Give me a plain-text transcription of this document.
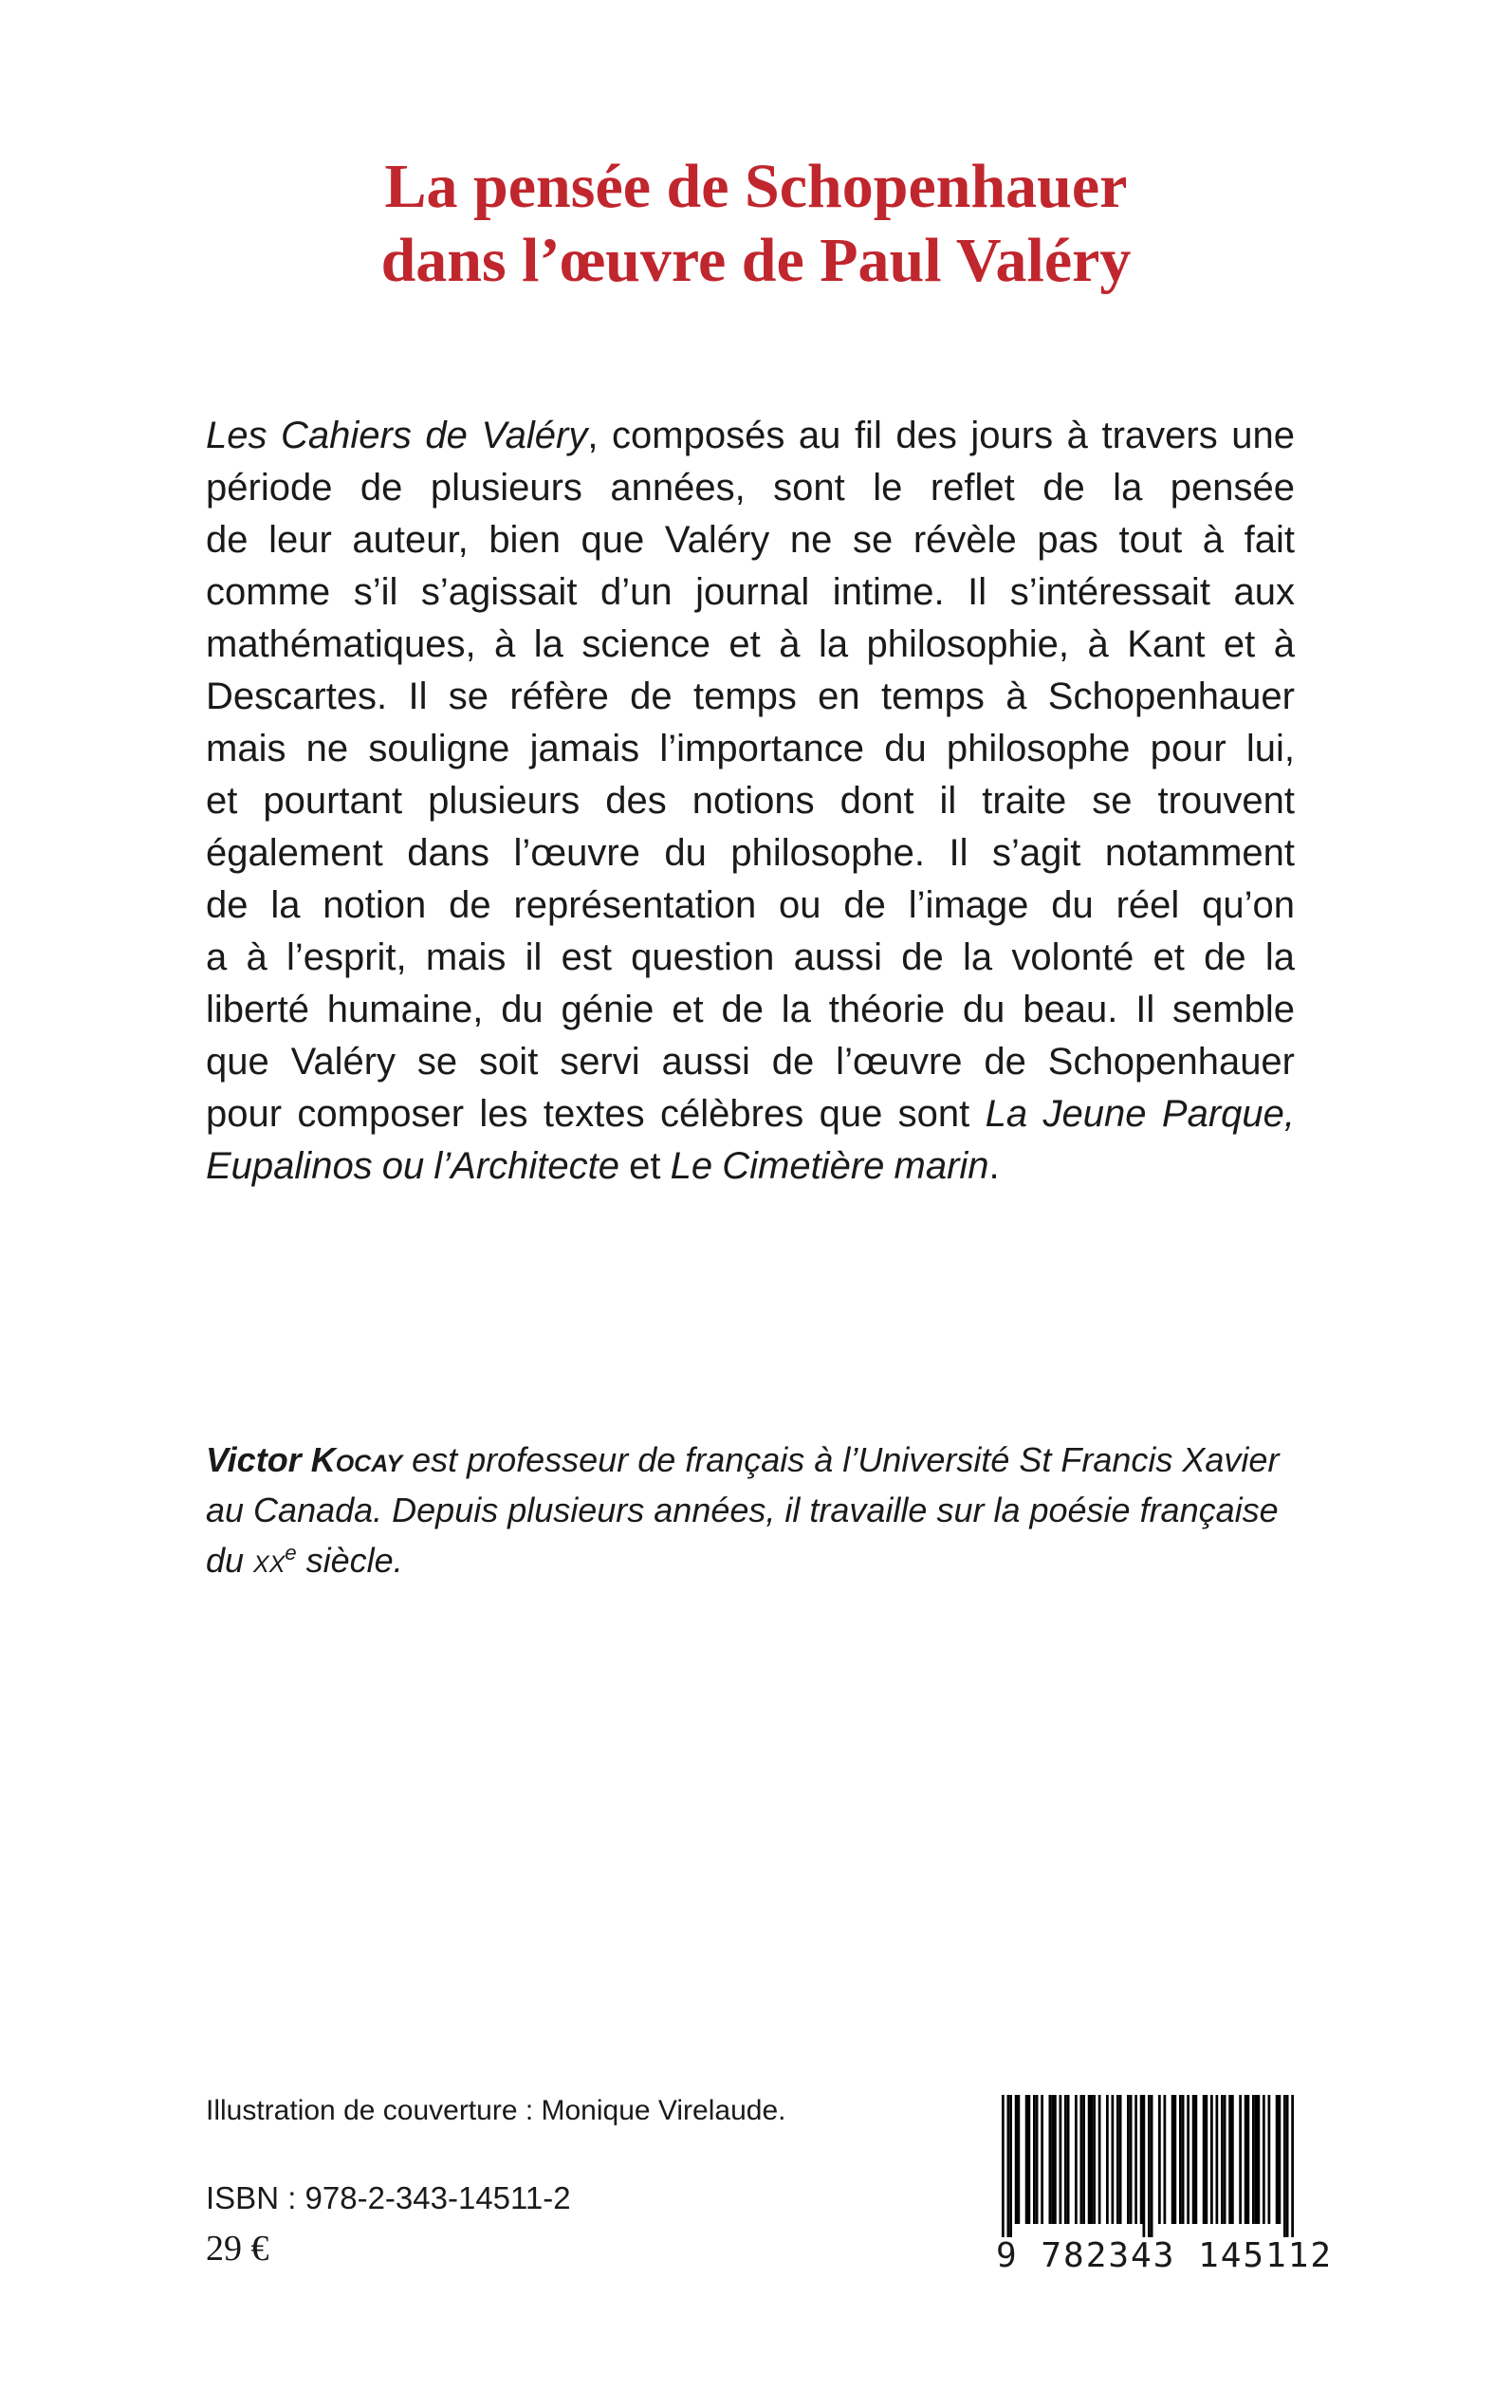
La pensée de Schopenhauer
dans l’œuvre de Paul Valéry
Les Cahiers de Valéry, composés au fil des jours à travers une
période de plusieurs années, sont le reflet de la pensée
de leur auteur, bien que Valéry ne se révèle pas tout à fait
comme s’il s’agissait d’un journal intime. Il s’intéressait aux
mathématiques, à la science et à la philosophie, à Kant et à
Descartes. Il se réfère de temps en temps à Schopenhauer
mais ne souligne jamais l’importance du philosophe pour lui,
et pourtant plusieurs des notions dont il traite se trouvent
également dans l’œuvre du philosophe. Il s’agit notamment
de la notion de représentation ou de l’image du réel qu’on
a à l’esprit, mais il est question aussi de la volonté et de la
liberté humaine, du génie et de la théorie du beau. Il semble
que Valéry se soit servi aussi de l’œuvre de Schopenhauer
pour composer les textes célèbres que sont La Jeune Parque,
Eupalinos ou l’Architecte et Le Cimetière marin.
Victor Kocay est professeur de français à l’Université St Francis Xavier
au Canada. Depuis plusieurs années, il travaille sur la poésie française
du $xx^e$ siècle.
Illustration de couverture : Monique Virelaude.
ISBN : 978-2-343-14511-2
29 €	9 782343 145112
